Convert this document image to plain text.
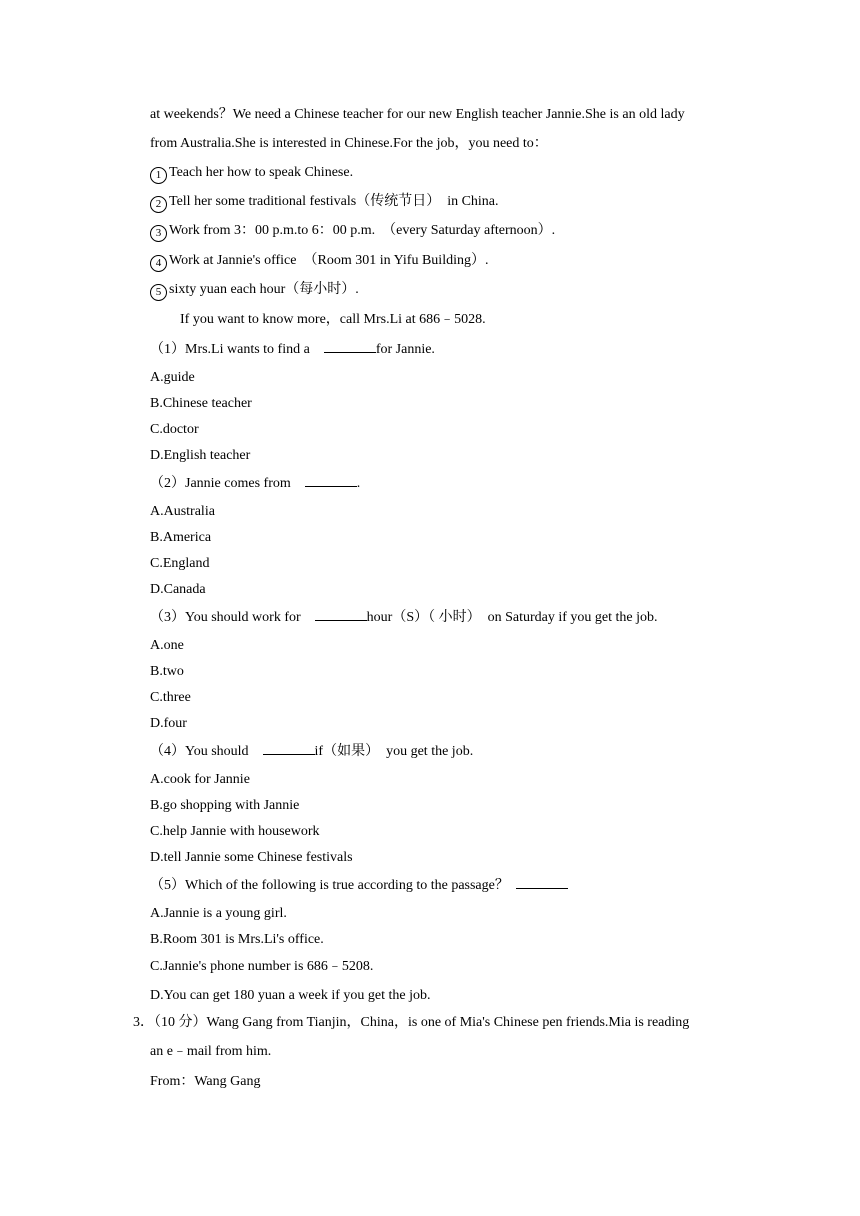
at weekends？We need a Chinese teacher for our new English teacher Jannie.She is an old lady
from Australia.She is interested in Chinese.For the job，you need to：
1 Teach her how to speak Chinese.
2 Tell her some traditional festivals（传统节日）  in China.
3 Work from 3：00 p.m.to 6：00 p.m.  （every Saturday afternoon）.
4 Work at Jannie's office  （Room 301 in Yifu Building）.
5 sixty yuan each hour（每小时）.
If you want to know more，call Mrs.Li at 686﹣5028.
（1）Mrs.Li wants to find a	for Jannie.
A.guide
B.Chinese teacher
C.doctor
D.English teacher
（2）Jannie comes from	.
A.Australia
B.America
C.England
D.Canada
（3）You should work for	hour（S）（ 小时）  on Saturday if you get the job.
A.one
B.two
C.three
D.four
（4）You should	if（如果）  you get the job.
A.cook for Jannie
B.go shopping with Jannie
C.help Jannie with housework
D.tell Jannie some Chinese festivals
（5）Which of the following is true according to the passage？
A.Jannie is a young girl.
B.Room 301 is Mrs.Li's office.
C.Jannie's phone number is 686﹣5208.
D.You can get 180 yuan a week if you get the job.
3．（10 分）Wang Gang from Tianjin，China，is one of Mia's Chinese pen friends.Mia is reading
an e﹣mail from him.
From：Wang Gang
